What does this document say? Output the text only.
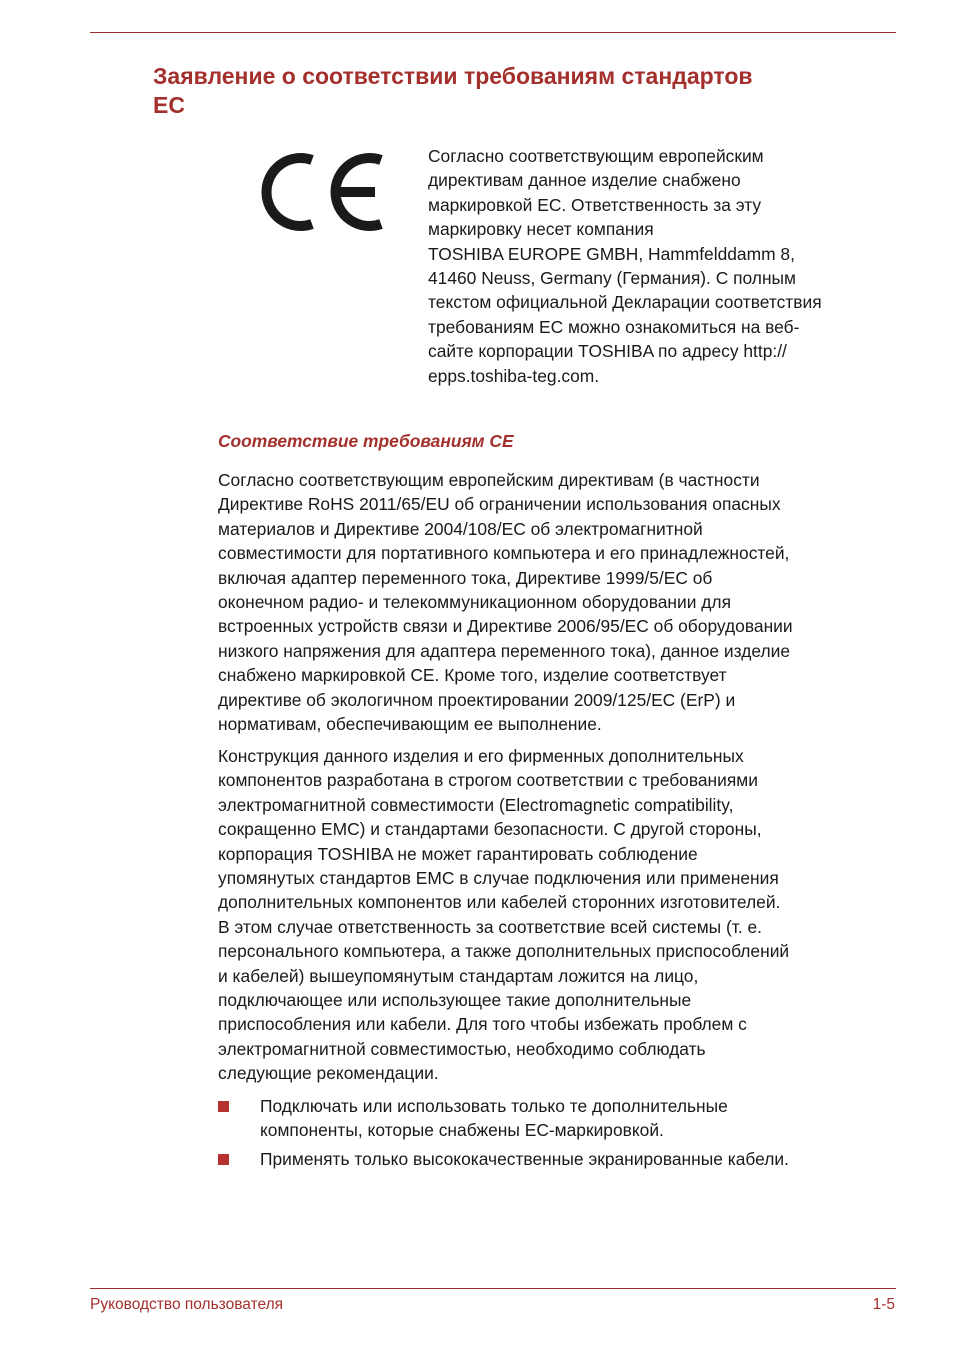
Заявление о соответствии требованиям стандартов
ЕС

Согласно соответствующим европейским
директивам данное изделие снабжено
маркировкой ЕС. Ответственность за эту
маркировку несет компания
TOSHIBA EUROPE GMBH, Hammfelddamm 8,
41460 Neuss, Germany (Германия). С полным
текстом официальной Декларации соответствия
требованиям ЕС можно ознакомиться на веб-
сайте корпорации TOSHIBA по адресу http://
epps.toshiba-teg.com.

Соответствие требованиям CE

Согласно соответствующим европейским директивам (в частности
Директиве RoHS 2011/65/EU об ограничении использования опасных
материалов и Директиве 2004/108/EC об электромагнитной
совместимости для портативного компьютера и его принадлежностей,
включая адаптер переменного тока, Директиве 1999/5/EC об
оконечном радио- и телекоммуникационном оборудовании для
встроенных устройств связи и Директиве 2006/95/EC об оборудовании
низкого напряжения для адаптера переменного тока), данное изделие
снабжено маркировкой CE. Кроме того, изделие соответствует
директиве об экологичном проектировании 2009/125/EC (ErP) и
нормативам, обеспечивающим ее выполнение.

Конструкция данного изделия и его фирменных дополнительных
компонентов разработана в строгом соответствии с требованиями
электромагнитной совместимости (Electromagnetic compatibility,
сокращенно EMC) и стандартами безопасности. С другой стороны,
корпорация TOSHIBA не может гарантировать соблюдение
упомянутых стандартов EMC в случае подключения или применения
дополнительных компонентов или кабелей сторонних изготовителей.
В этом случае ответственность за соответствие всей системы (т. е.
персонального компьютера, а также дополнительных приспособлений
и кабелей) вышеупомянутым стандартам ложится на лицо,
подключающее или использующее такие дополнительные
приспособления или кабели. Для того чтобы избежать проблем с
электромагнитной совместимостью, необходимо соблюдать
следующие рекомендации.

Подключать или использовать только те дополнительные
компоненты, которые снабжены ЕС-маркировкой.
Применять только высококачественные экранированные кабели.
Руководство пользователя	1-5
